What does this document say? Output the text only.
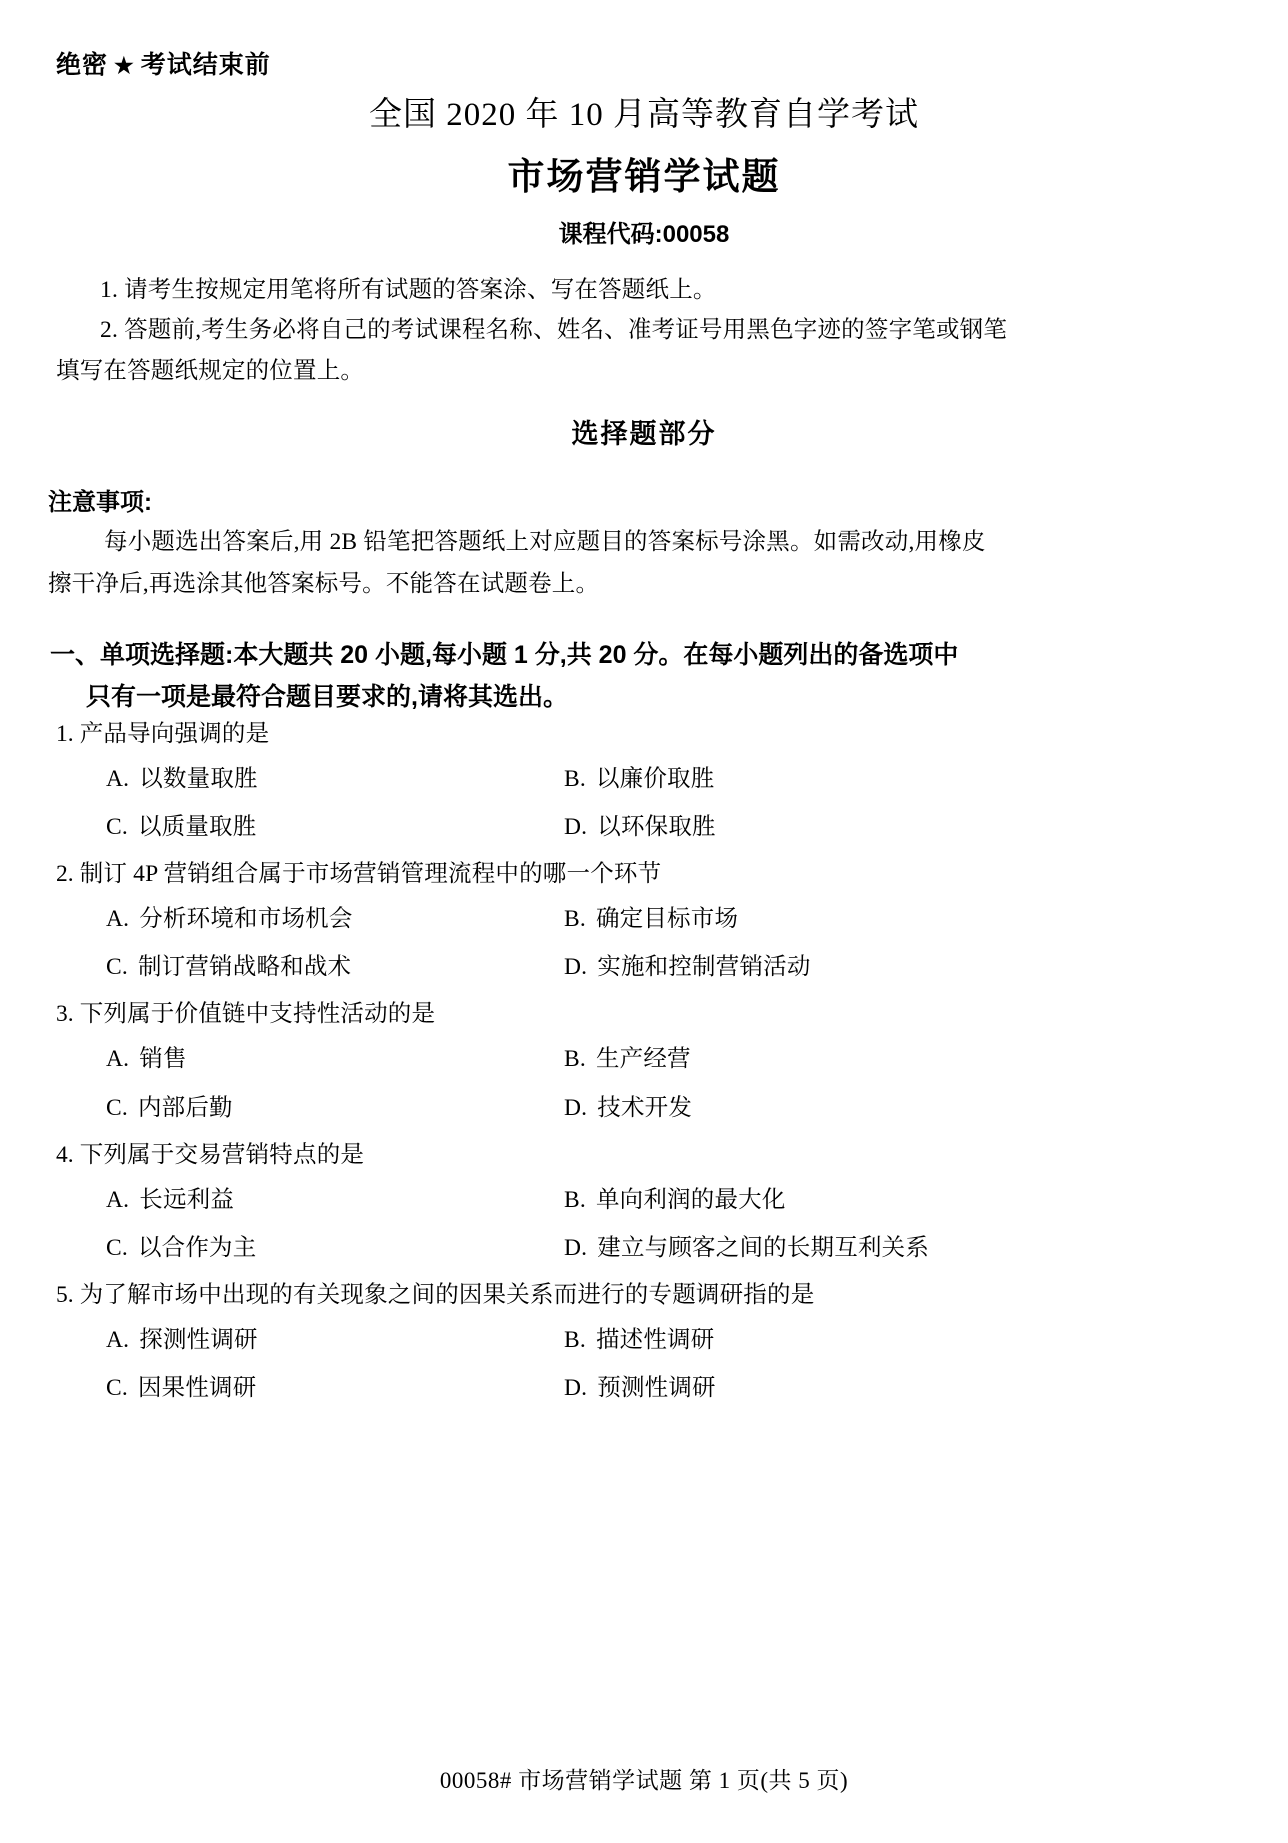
绝密 ★ 考试结束前
全国 2020 年 10 月高等教育自学考试
市场营销学试题
课程代码:00058
1. 请考生按规定用笔将所有试题的答案涂、写在答题纸上。
2. 答题前,考生务必将自己的考试课程名称、姓名、准考证号用黑色字迹的签字笔或钢笔
填写在答题纸规定的位置上。
选择题部分
注意事项:
每小题选出答案后,用 2B 铅笔把答题纸上对应题目的答案标号涂黑。如需改动,用橡皮
擦干净后,再选涂其他答案标号。不能答在试题卷上。
一、单项选择题:本大题共 20 小题,每小题 1 分,共 20 分。在每小题列出的备选项中
只有一项是最符合题目要求的,请将其选出。
1. 产品导向强调的是
A. 以数量取胜	B. 以廉价取胜
C. 以质量取胜	D. 以环保取胜
2. 制订 4P 营销组合属于市场营销管理流程中的哪一个环节
A. 分析环境和市场机会	B. 确定目标市场
C. 制订营销战略和战术	D. 实施和控制营销活动
3. 下列属于价值链中支持性活动的是
A. 销售	B. 生产经营
C. 内部后勤	D. 技术开发
4. 下列属于交易营销特点的是
A. 长远利益	B. 单向利润的最大化
C. 以合作为主	D. 建立与顾客之间的长期互利关系
5. 为了解市场中出现的有关现象之间的因果关系而进行的专题调研指的是
A. 探测性调研	B. 描述性调研
C. 因果性调研	D. 预测性调研
00058# 市场营销学试题 第 1 页(共 5 页)
